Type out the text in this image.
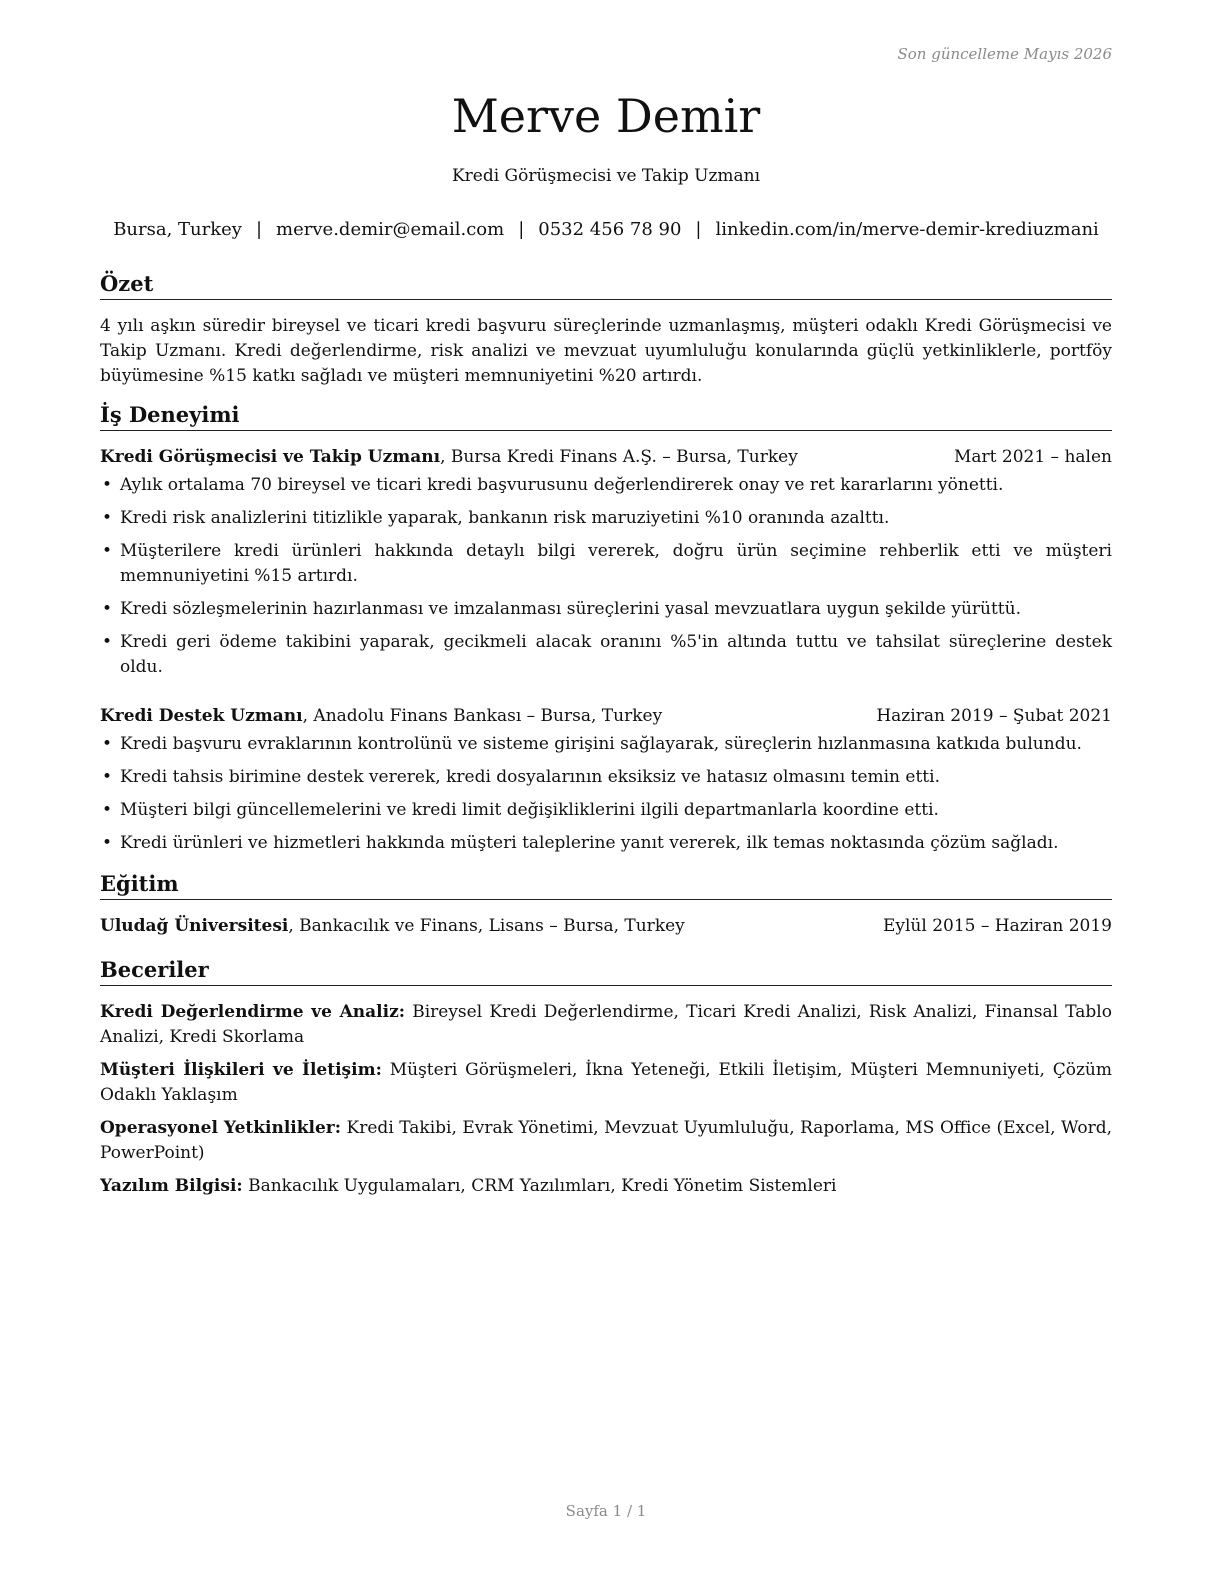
Son güncelleme Mayıs 2026
Merve Demir
Kredi Görüşmecisi ve Takip Uzmanı
Bursa, Turkey | merve.demir@email.com | 0532 456 78 90 | linkedin.com/in/merve-demir-krediuzmani
Özet

4 yılı aşkın süredir bireysel ve ticari kredi başvuru süreçlerinde uzmanlaşmış, müşteri odaklı Kredi Görüşmecisi ve Takip Uzmanı. Kredi değerlendirme, risk analizi ve mevzuat uyumluluğu konularında güçlü yetkinliklerle, portföy büyümesine %15 katkı sağladı ve müşteri memnuniyetini %20 artırdı.

İş Deneyimi
Kredi Görüşmecisi ve Takip Uzmanı, Bursa Kredi Finans A.Ş. – Bursa, Turkey	Mart 2021 – halen
• Aylık ortalama 70 bireysel ve ticari kredi başvurusunu değerlendirerek onay ve ret kararlarını yönetti.
• Kredi risk analizlerini titizlikle yaparak, bankanın risk maruziyetini %10 oranında azalttı.
• Müşterilere kredi ürünleri hakkında detaylı bilgi vererek, doğru ürün seçimine rehberlik etti ve müşteri memnuniyetini %15 artırdı.
• Kredi sözleşmelerinin hazırlanması ve imzalanması süreçlerini yasal mevzuatlara uygun şekilde yürüttü.
• Kredi geri ödeme takibini yaparak, gecikmeli alacak oranını %5'in altında tuttu ve tahsilat süreçlerine destek oldu.
Kredi Destek Uzmanı, Anadolu Finans Bankası – Bursa, Turkey	Haziran 2019 – Şubat 2021
• Kredi başvuru evraklarının kontrolünü ve sisteme girişini sağlayarak, süreçlerin hızlanmasına katkıda bulundu.
• Kredi tahsis birimine destek vererek, kredi dosyalarının eksiksiz ve hatasız olmasını temin etti.
• Müşteri bilgi güncellemelerini ve kredi limit değişikliklerini ilgili departmanlarla koordine etti.
• Kredi ürünleri ve hizmetleri hakkında müşteri taleplerine yanıt vererek, ilk temas noktasında çözüm sağladı.
Eğitim
Uludağ Üniversitesi, Bankacılık ve Finans, Lisans – Bursa, Turkey	Eylül 2015 – Haziran 2019
Beceriler

Kredi Değerlendirme ve Analiz: Bireysel Kredi Değerlendirme, Ticari Kredi Analizi, Risk Analizi, Finansal Tablo Analizi, Kredi Skorlama

Müşteri İlişkileri ve İletişim: Müşteri Görüşmeleri, İkna Yeteneği, Etkili İletişim, Müşteri Memnuniyeti, Çözüm Odaklı Yaklaşım

Operasyonel Yetkinlikler: Kredi Takibi, Evrak Yönetimi, Mevzuat Uyumluluğu, Raporlama, MS Office (Excel, Word, PowerPoint)

Yazılım Bilgisi: Bankacılık Uygulamaları, CRM Yazılımları, Kredi Yönetim Sistemleri

Sayfa 1 / 1
